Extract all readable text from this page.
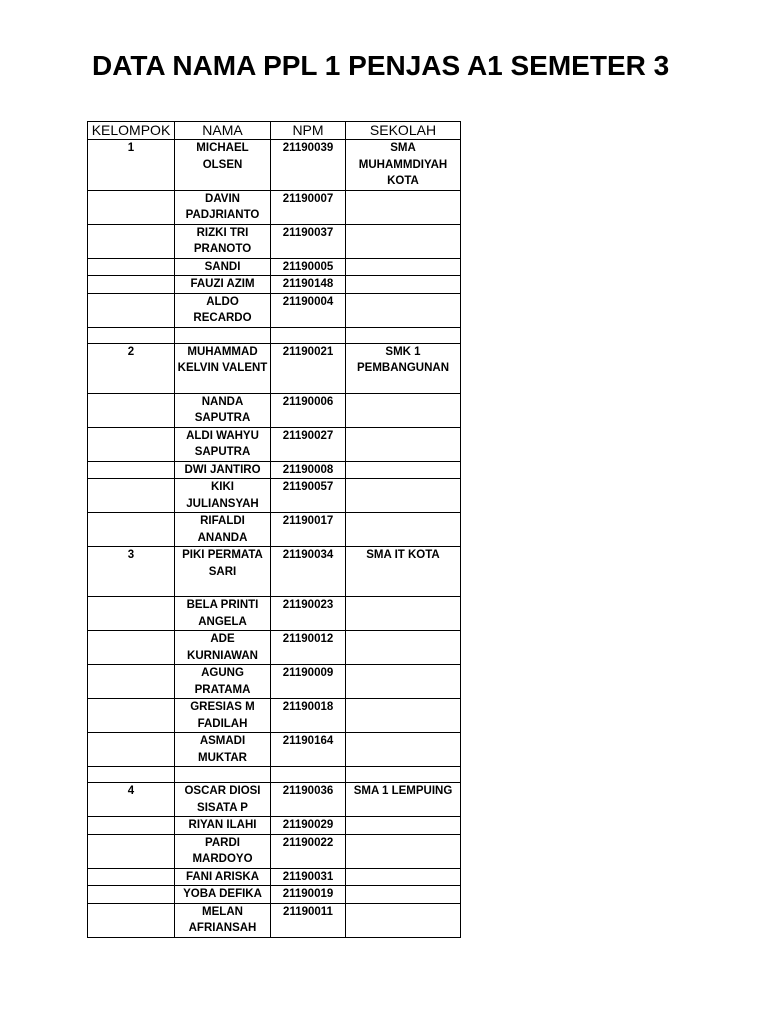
DATA NAMA PPL 1 PENJAS A1 SEMETER 3
KELOMPOK	NAMA	NPM	SEKOLAH

1	MICHAEL OLSEN	21190039	SMA MUHAMMDIYAH KOTA

	DAVIN PADJRIANTO	21190007	

	RIZKI TRI PRANOTO	21190037	

	SANDI	21190005	

	FAUZI AZIM	21190148	

	ALDO RECARDO	21190004	

2	MUHAMMAD KELVIN VALENT	21190021	SMK 1 PEMBANGUNAN

	NANDA SAPUTRA	21190006	

	ALDI WAHYU SAPUTRA	21190027	

	DWI JANTIRO	21190008	

	KIKI JULIANSYAH	21190057	

	RIFALDI ANANDA	21190017	

3	PIKI PERMATA SARI	21190034	SMA IT KOTA

	BELA PRINTI ANGELA	21190023	

	ADE KURNIAWAN	21190012	

	AGUNG PRATAMA	21190009	

	GRESIAS M FADILAH	21190018	

	ASMADI MUKTAR	21190164	

4	OSCAR DIOSI SISATA P	21190036	SMA 1 LEMPUING

	RIYAN ILAHI	21190029	

	PARDI MARDOYO	21190022	

	FANI ARISKA	21190031	

	YOBA DEFIKA	21190019	

	MELAN AFRIANSAH	21190011	
